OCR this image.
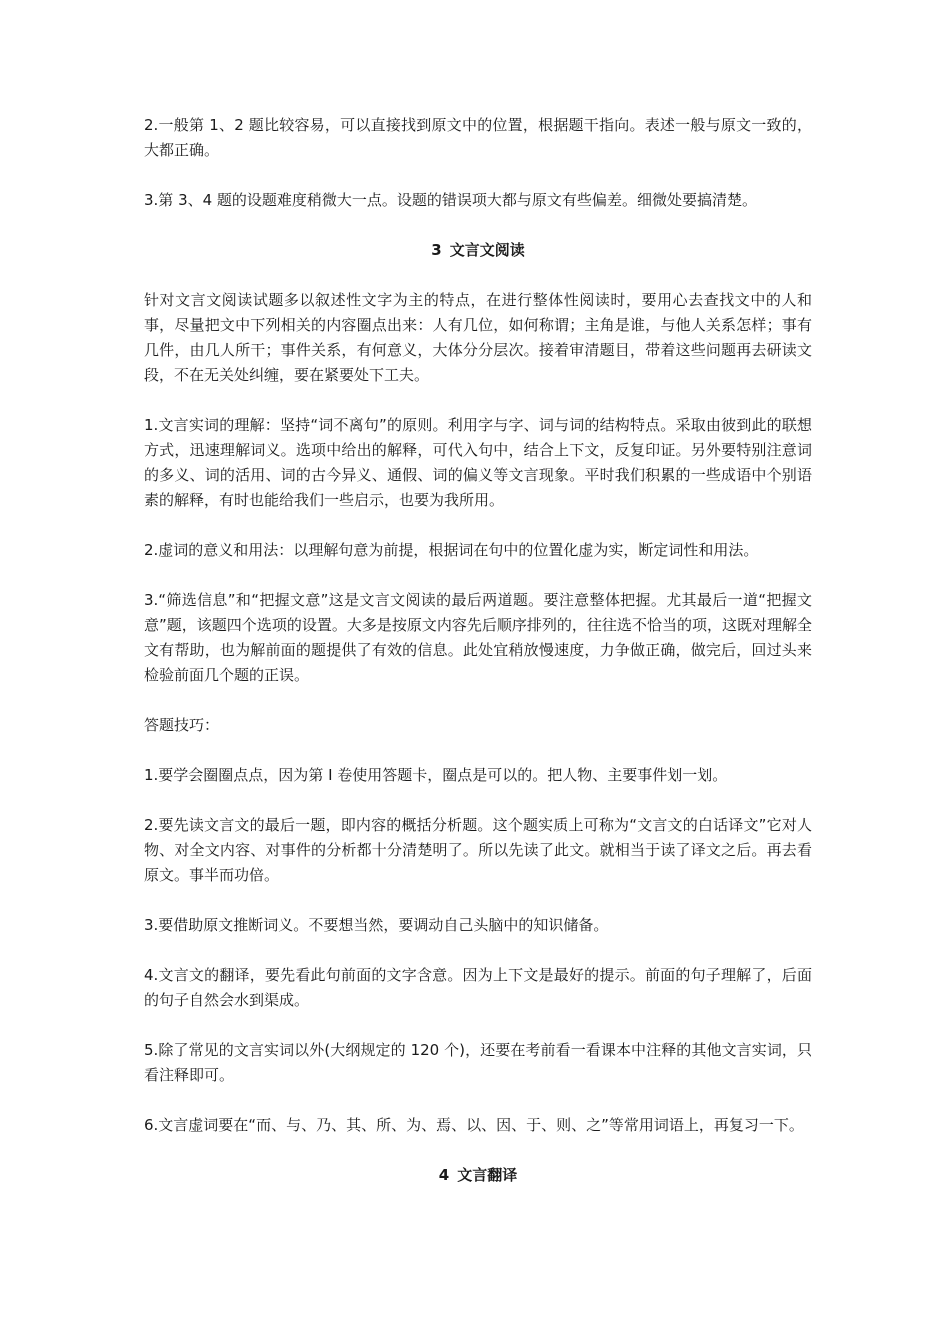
2.一般第 1、2 题比较容易，可以直接找到原文中的位置，根据题干指向。表述一般与原文一致的，大都正确。

3.第 3、4 题的设题难度稍微大一点。设题的错误项大都与原文有些偏差。细微处要搞清楚。

3 文言文阅读

针对文言文阅读试题多以叙述性文字为主的特点，在进行整体性阅读时，要用心去查找文中的人和事，尽量把文中下列相关的内容圈点出来：人有几位，如何称谓；主角是谁，与他人关系怎样；事有几件，由几人所干；事件关系，有何意义，大体分分层次。接着审清题目，带着这些问题再去研读文段，不在无关处纠缠，要在紧要处下工夫。

1.文言实词的理解：坚持“词不离句”的原则。利用字与字、词与词的结构特点。采取由彼到此的联想方式，迅速理解词义。选项中给出的解释，可代入句中，结合上下文，反复印证。另外要特别注意词的多义、词的活用、词的古今异义、通假、词的偏义等文言现象。平时我们积累的一些成语中个别语素的解释，有时也能给我们一些启示，也要为我所用。

2.虚词的意义和用法：以理解句意为前提，根据词在句中的位置化虚为实，断定词性和用法。

3.“筛选信息”和“把握文意”这是文言文阅读的最后两道题。要注意整体把握。尤其最后一道“把握文意”题，该题四个选项的设置。大多是按原文内容先后顺序排列的，往往选不恰当的项，这既对理解全文有帮助，也为解前面的题提供了有效的信息。此处宜稍放慢速度，力争做正确，做完后，回过头来检验前面几个题的正误。

答题技巧：

1.要学会圈圈点点，因为第 I 卷使用答题卡，圈点是可以的。把人物、主要事件划一划。

2.要先读文言文的最后一题，即内容的概括分析题。这个题实质上可称为“文言文的白话译文”它对人物、对全文内容、对事件的分析都十分清楚明了。所以先读了此文。就相当于读了译文之后。再去看原文。事半而功倍。

3.要借助原文推断词义。不要想当然，要调动自己头脑中的知识储备。

4.文言文的翻译，要先看此句前面的文字含意。因为上下文是最好的提示。前面的句子理解了，后面的句子自然会水到渠成。

5.除了常见的文言实词以外(大纲规定的 120 个)，还要在考前看一看课本中注释的其他文言实词，只看注释即可。

6.文言虚词要在“而、与、乃、其、所、为、焉、以、因、于、则、之”等常用词语上，再复习一下。

4 文言翻译
